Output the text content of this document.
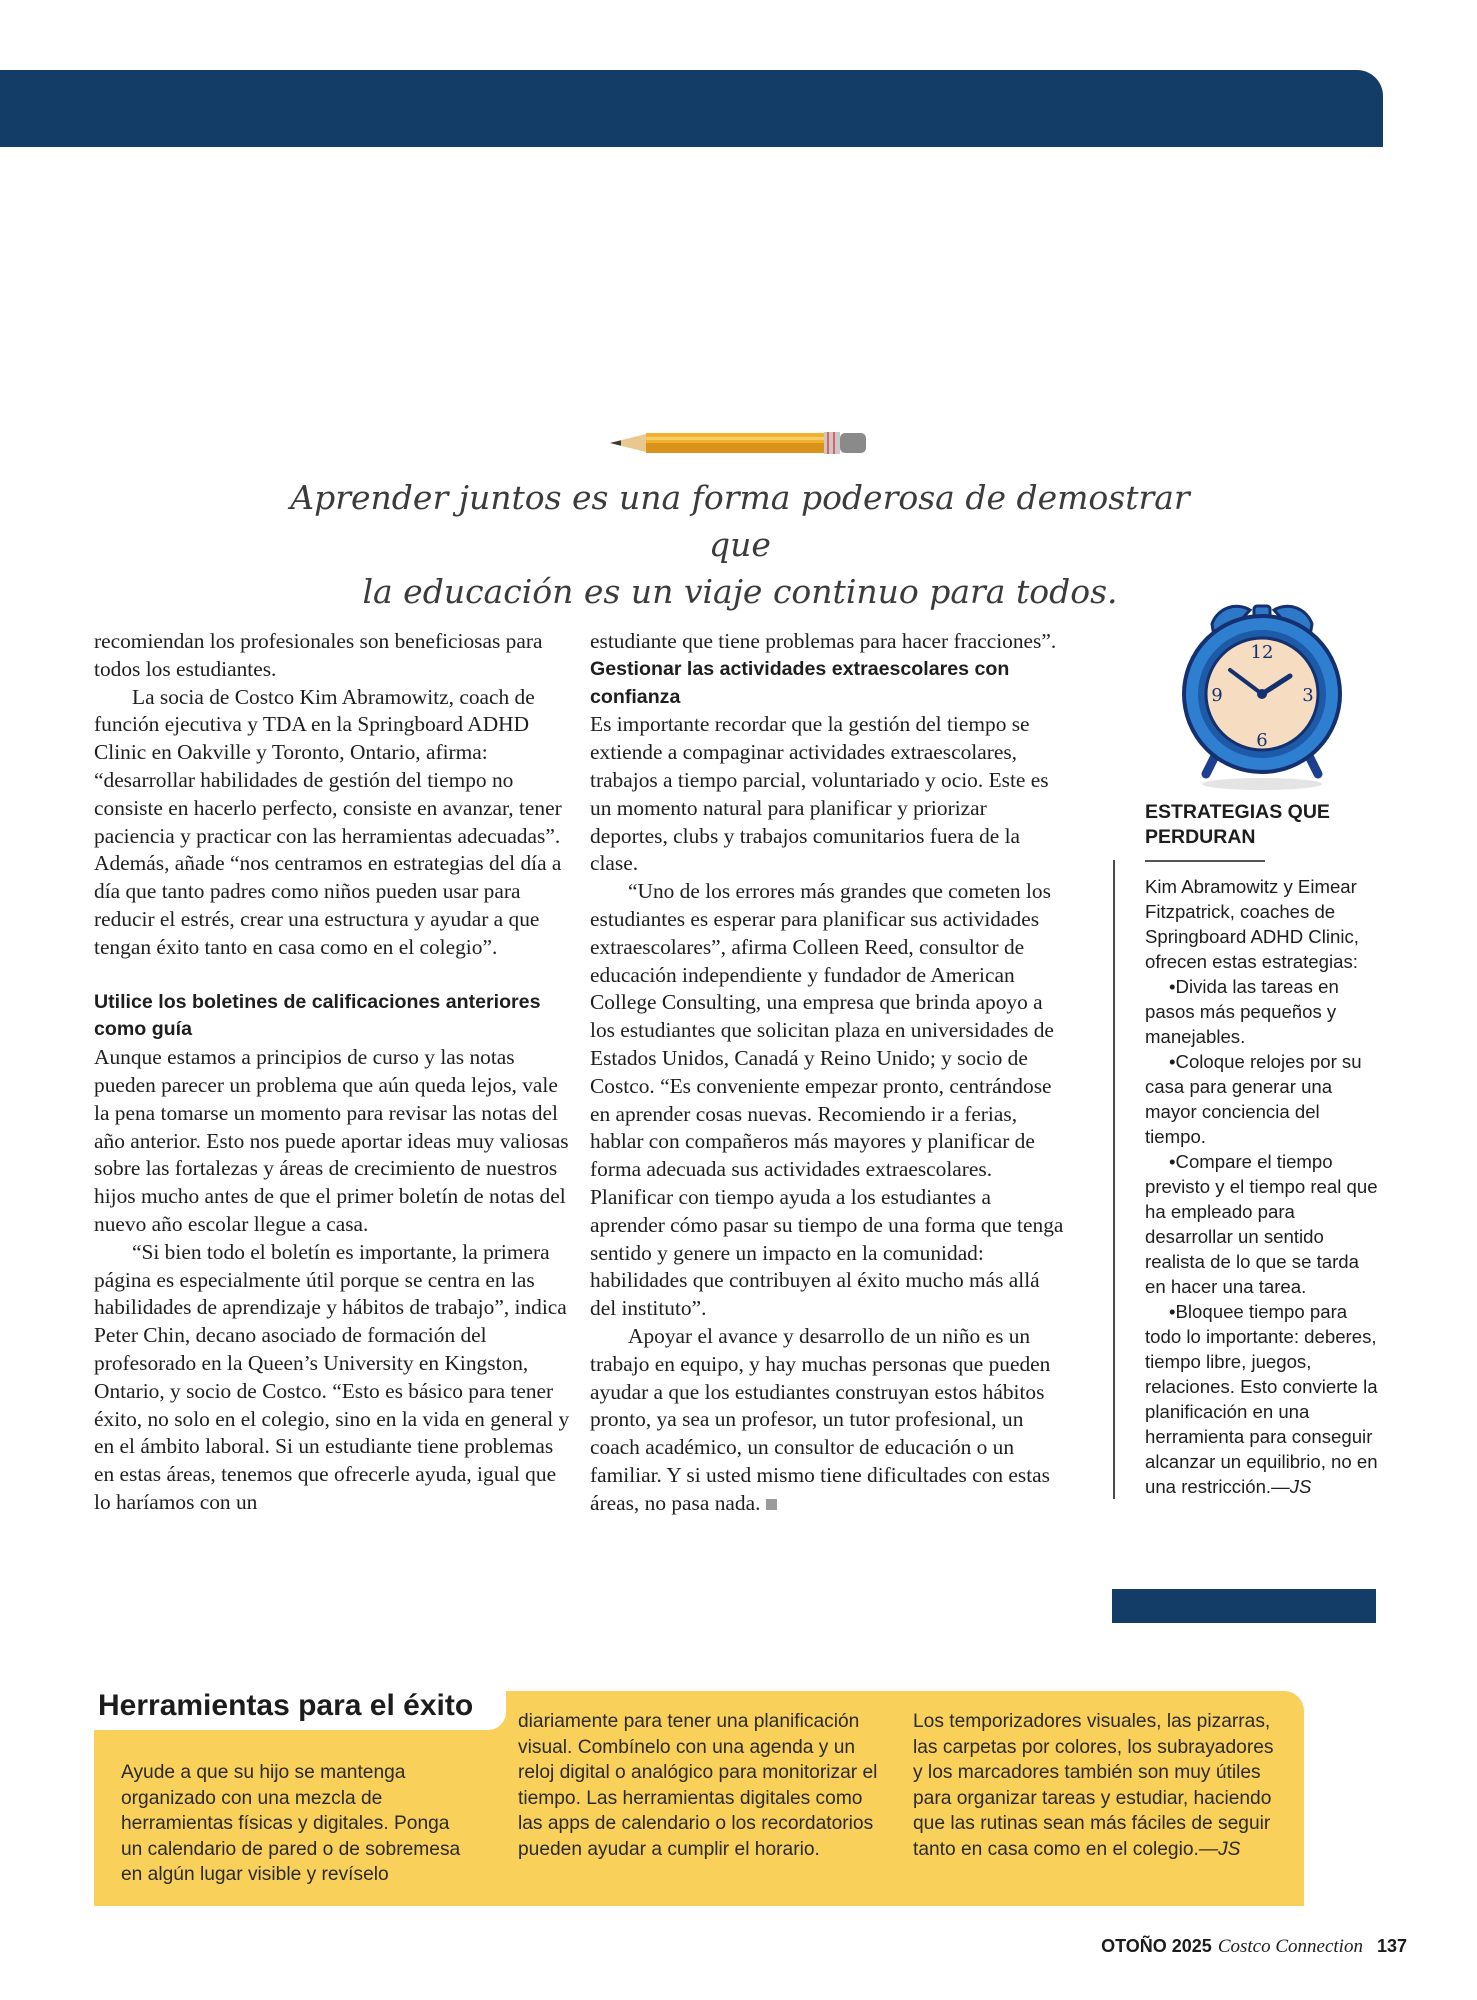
Aprender juntos es una forma poderosa de demostrar que
la educación es un viaje continuo para todos.

recomiendan los profesionales son beneficiosas para todos los estudiantes.

La socia de Costco Kim Abramowitz, coach de función ejecutiva y TDA en la Springboard ADHD Clinic en Oakville y Toronto, Ontario, afirma: “desarrollar habilidades de gestión del tiempo no consiste en hacerlo perfecto, consiste en avanzar, tener paciencia y practicar con las herramientas adecuadas”. Además, añade “nos centramos en estrategias del día a día que tanto padres como niños pueden usar para reducir el estrés, crear una estructura y ayudar a que tengan éxito tanto en casa como en el colegio”.

Utilice los boletines de calificaciones anteriores como guía

Aunque estamos a principios de curso y las notas pueden parecer un problema que aún queda lejos, vale la pena tomarse un momento para revisar las notas del año anterior. Esto nos puede aportar ideas muy valiosas sobre las fortalezas y áreas de crecimiento de nuestros hijos mucho antes de que el primer boletín de notas del nuevo año escolar llegue a casa.

“Si bien todo el boletín es importante, la primera página es especialmente útil porque se centra en las habilidades de aprendizaje y hábitos de trabajo”, indica Peter Chin, decano asociado de formación del profesorado en la Queen’s University en Kingston, Ontario, y socio de Costco. “Esto es básico para tener éxito, no solo en el colegio, sino en la vida en general y en el ámbito laboral. Si un estudiante tiene problemas en estas áreas, tenemos que ofrecerle ayuda, igual que lo haríamos con un

estudiante que tiene problemas para hacer fracciones”.

Gestionar las actividades extraescolares con confianza

Es importante recordar que la gestión del tiempo se extiende a compaginar actividades extraescolares, trabajos a tiempo parcial, voluntariado y ocio. Este es un momento natural para planificar y priorizar deportes, clubs y trabajos comunitarios fuera de la clase.

“Uno de los errores más grandes que cometen los estudiantes es esperar para planificar sus actividades extraescolares”, afirma Colleen Reed, consultor de educación independiente y fundador de American College Consulting, una empresa que brinda apoyo a los estudiantes que solicitan plaza en universidades de Estados Unidos, Canadá y Reino Unido; y socio de Costco. “Es conveniente empezar pronto, centrándose en aprender cosas nuevas. Recomiendo ir a ferias, hablar con compañeros más mayores y planificar de forma adecuada sus actividades extraescolares. Planificar con tiempo ayuda a los estudiantes a aprender cómo pasar su tiempo de una forma que tenga sentido y genere un impacto en la comunidad: habilidades que contribuyen al éxito mucho más allá del instituto”.

Apoyar el avance y desarrollo de un niño es un trabajo en equipo, y hay muchas personas que pueden ayudar a que los estudiantes construyan estos hábitos pronto, ya sea un profesor, un tutor profesional, un coach académico, un consultor de educación o un familiar. Y si usted mismo tiene dificultades con estas áreas, no pasa nada.

12
3
6
9

ESTRATEGIAS QUE PERDURAN

Kim Abramowitz y Eimear Fitzpatrick, coaches de Springboard ADHD Clinic, ofrecen estas estrategias:

•Divida las tareas en pasos más pequeños y manejables.

•Coloque relojes por su casa para generar una mayor conciencia del tiempo.

•Compare el tiempo previsto y el tiempo real que ha empleado para desarrollar un sentido realista de lo que se tarda en hacer una tarea.

•Bloquee tiempo para todo lo importante: deberes, tiempo libre, juegos, relaciones. Esto convierte la planificación en una herramienta para conseguir alcanzar un equilibrio, no en una restricción.—JS

Herramientas para el éxito

Ayude a que su hijo se mantenga organizado con una mezcla de herramientas físicas y digitales. Ponga un calendario de pared o de sobremesa en algún lugar visible y revíselo

diariamente para tener una planificación visual. Combínelo con una agenda y un reloj digital o analógico para monitorizar el tiempo. Las herramientas digitales como las apps de calendario o los recordatorios pueden ayudar a cumplir el horario.

Los temporizadores visuales, las pizarras, las carpetas por colores, los subrayadores y los marcadores también son muy útiles para organizar tareas y estudiar, haciendo que las rutinas sean más fáciles de seguir tanto en casa como en el colegio.—JS

OTOÑO 2025 Costco Connection 137
